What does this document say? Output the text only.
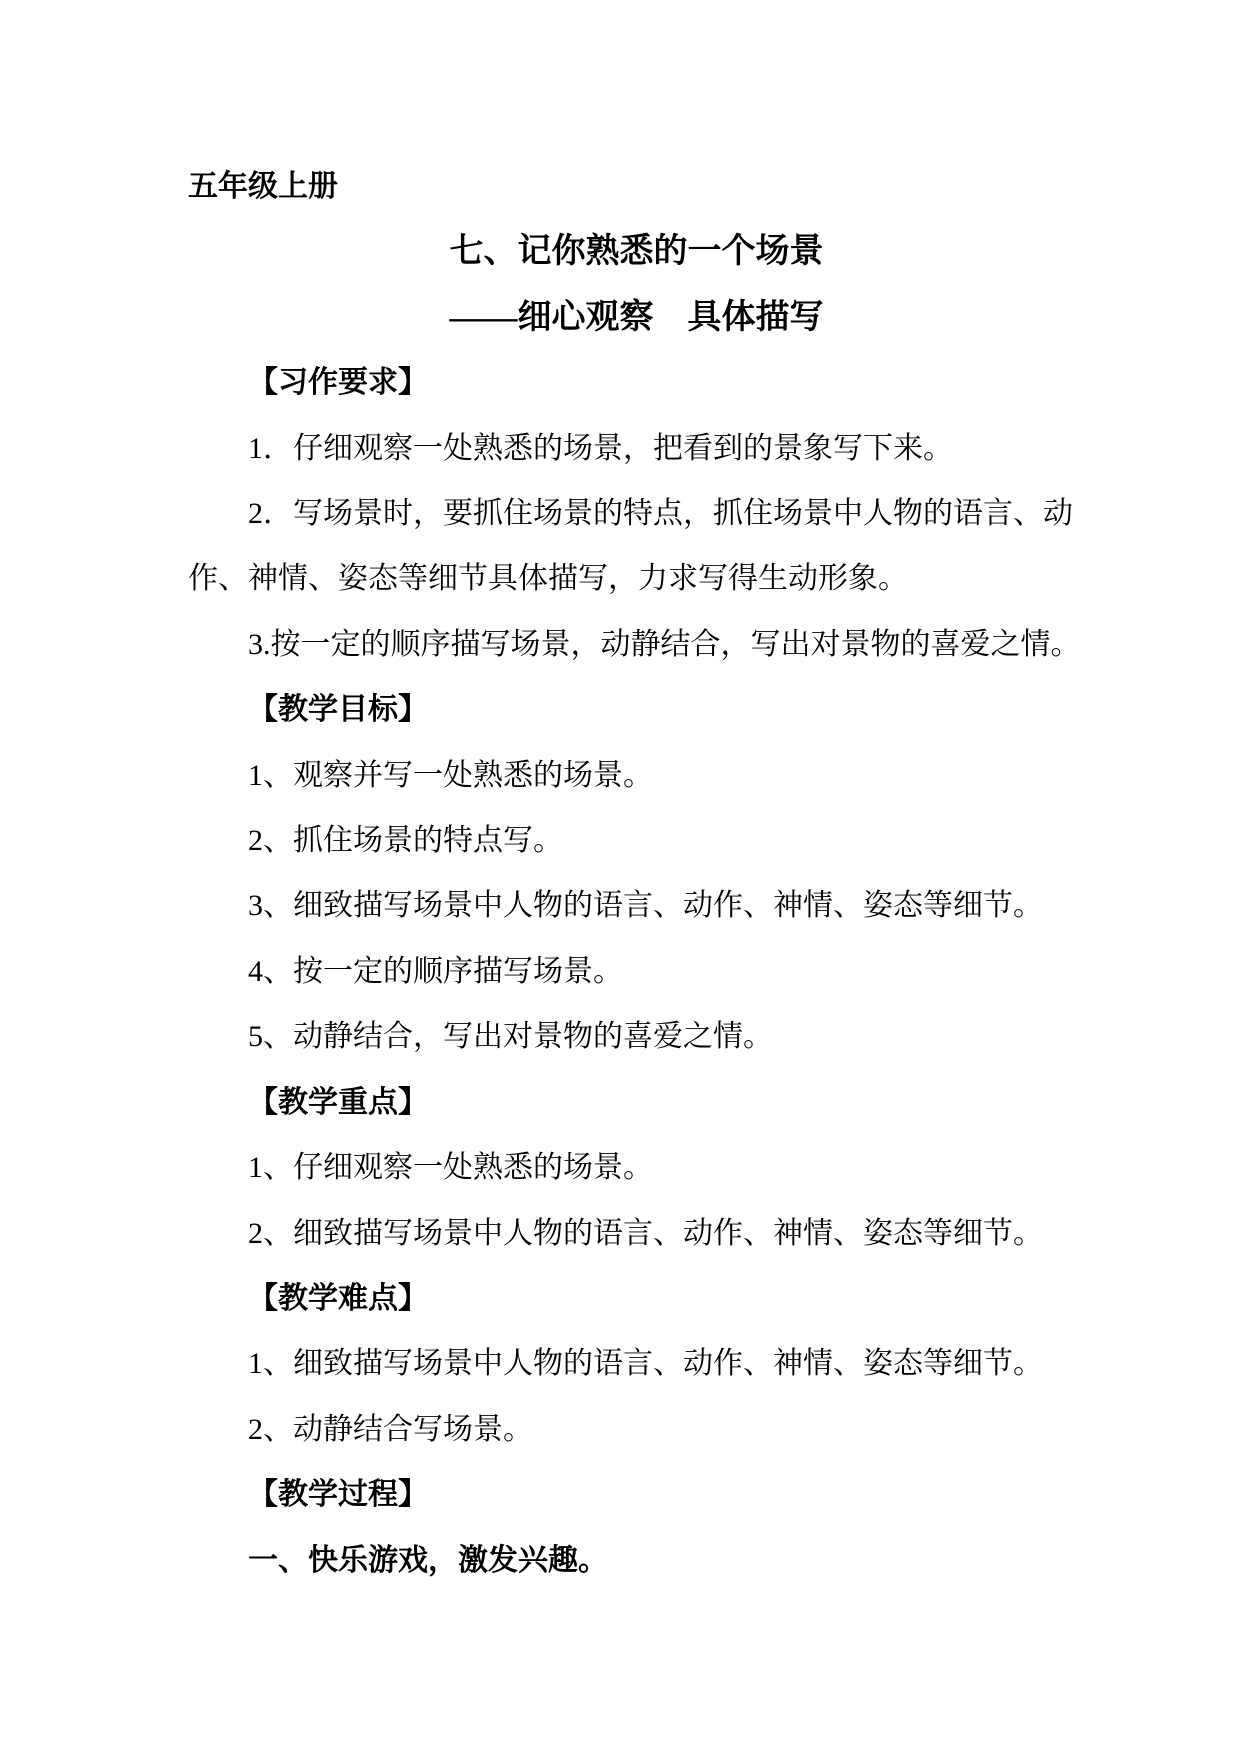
五年级上册
七、记你熟悉的一个场景
——细心观察　具体描写
【习作要求】
1．仔细观察一处熟悉的场景，把看到的景象写下来。
2．写场景时，要抓住场景的特点，抓住场景中人物的语言、动
作、神情、姿态等细节具体描写，力求写得生动形象。
3.按一定的顺序描写场景，动静结合，写出对景物的喜爱之情。
【教学目标】
1、观察并写一处熟悉的场景。
2、抓住场景的特点写。
3、细致描写场景中人物的语言、动作、神情、姿态等细节。
4、按一定的顺序描写场景。
5、动静结合，写出对景物的喜爱之情。
【教学重点】
1、仔细观察一处熟悉的场景。
2、细致描写场景中人物的语言、动作、神情、姿态等细节。
【教学难点】
1、细致描写场景中人物的语言、动作、神情、姿态等细节。
2、动静结合写场景。
【教学过程】
一、快乐游戏，激发兴趣。
